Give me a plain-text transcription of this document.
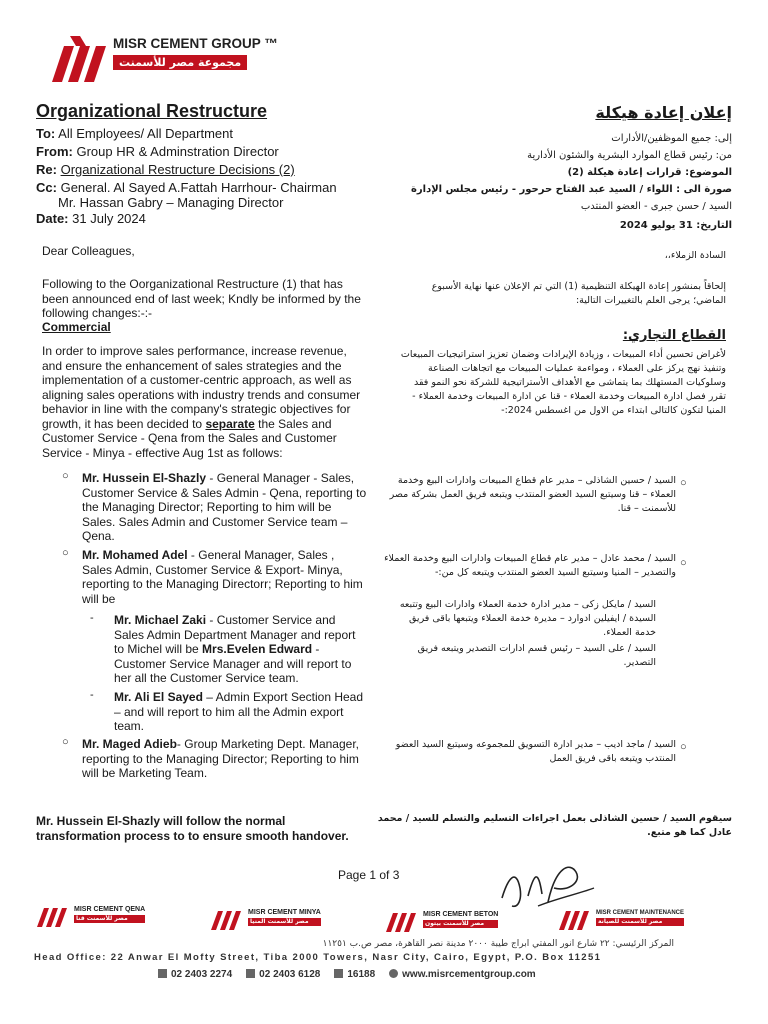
MISR CEMENT GROUP ™
مجموعة مصر للأسمنت
Organizational Restructure
To: All Employees/ All Department
From: Group HR & Adminstration Director
Re: Organizational Restructure Decisions (2)
Cc: General. Al Sayed A.Fattah Harrhour- Chairman
Mr. Hassan Gabry – Managing Director
Date: 31 July 2024
إعلان إعادة هيكلة
إلى: جميع الموظفين/الأدارات
من: رئيس قطاع الموارد البشرية والشئون الأدارية
الموضوع: قرارات إعادة هيكلة (2)
صورة الى : اللواء / السيد عبد الفتاح حرحور - رئيس مجلس الإدارة
السيد / حسن جبرى - العضو المنتدب
التاريخ: 31 يوليو 2024
Dear Colleagues,	السادة الزملاء،،
Following to the Oorganizational Restructure (1) that has been announced end of last week; Kndly be informed by the following changes:-:-
إلحاقاً بمنشور إعادة الهيكلة التنظيمية (1) التي تم الإعلان عنها نهاية الأسبوع الماضي؛ يرجى العلم بالتغييرات التالية:
Commercial
القطاع التجاري:
In order to improve sales performance, increase revenue, and ensure the enhancement of sales strategies and the implementation of a customer-centric approach, as well as aligning sales operations with industry trends and consumer behavior in line with the company's strategic objectives for growth, it has been decided to separate the Sales and Customer Service - Qena from the Sales and Customer Service - Minya - effective Aug 1st as follows:
لأغراض تحسين أداء المبيعات ، وزيادة الإيرادات وضمان تعزيز استراتيجيات المبيعات وتنفيذ نهج يركز على العملاء ، ومواءمة عمليات المبيعات مع اتجاهات الصناعة وسلوكيات المستهلك بما يتماشى مع الأهداف الأستراتيجية للشركة نحو النمو فقد تقرر فصل ادارة المبيعات وخدمة العملاء - قنا عن ادارة المبيعات وخدمة العملاء - المنيا لتكون كالتالى ابتداء من الاول من اغسطس 2024:-
○ Mr. Hussein El-Shazly - General Manager - Sales, Customer Service & Sales Admin - Qena, reporting to the Managing Director; Reporting to him will be Sales. Sales Admin and Customer Service team – Qena.
○
السيد / حسين الشاذلى – مدير عام قطاع المبيعات وادارات البيع وخدمة العملاء – قنا وسيتبع السيد العضو المنتدب ويتبعه فريق العمل بشركة مصر للأسمنت – قنا.
○ Mr. Mohamed Adel - General Manager, Sales , Sales Admin, Customer Service & Export- Minya, reporting to the Managing Directorr; Reporting to him will be
○
السيد / محمد عادل – مدير عام قطاع المبيعات وادارات البيع وخدمة العملاء والتصدير – المنيا وسيتبع السيد العضو المنتدب ويتبعه كل من:-
- Mr. Michael Zaki - Customer Service and Sales Admin Department Manager and report to Michel will be Mrs.Evelen Edward - Customer Service Manager and will report to her all the Customer Service team.
السيد / مايكل زكى – مدير ادارة خدمة العملاء وادارات البيع وتتبعه السيدة / ايفيلين ادوارد – مديرة خدمة العملاء ويتبعها باقى فريق خدمة العملاء.
- Mr. Ali El Sayed – Admin Export Section Head – and will report to him all the Admin export team.
السيد / على السيد – رئيس قسم ادارات التصدير ويتبعه فريق التصدير.
○ Mr. Maged Adieb- Group Marketing Dept. Manager, reporting to the Managing Director; Reporting to him will be Marketing Team.
○
السيد / ماجد اديب – مدير ادارة التسويق للمجموعه وسيتبع السيد العضو المنتدب ويتبعه باقى فريق العمل
Mr. Hussein El-Shazly will follow the normal transformation process to to ensure smooth handover.
سيقوم السيد / حسين الشاذلى بعمل اجراءات التسليم والتسلم للسيد / محمد عادل كما هو متبع.
Page 1 of 3
MISR CEMENT QENA
مصر للأسمنت قنا
MISR CEMENT MINYA
مصر للأسمنت المنيا
MISR CEMENT BETON
مصر للأسمنت بيتون
MISR CEMENT MAINTENANCE
مصر للأسمنت للصيانة
المركز الرئيسي: ٢٢ شارع انور المفتي ابراج طيبة ٢٠٠٠ مدينة نصر القاهرة، مصر ص.ب ١١٢٥١
Head Office: 22 Anwar El Mofty Street, Tiba 2000 Towers, Nasr City, Cairo, Egypt, P.O. Box 11251
02 2403 2274	02 2403 6128	16188	www.misrcementgroup.com
